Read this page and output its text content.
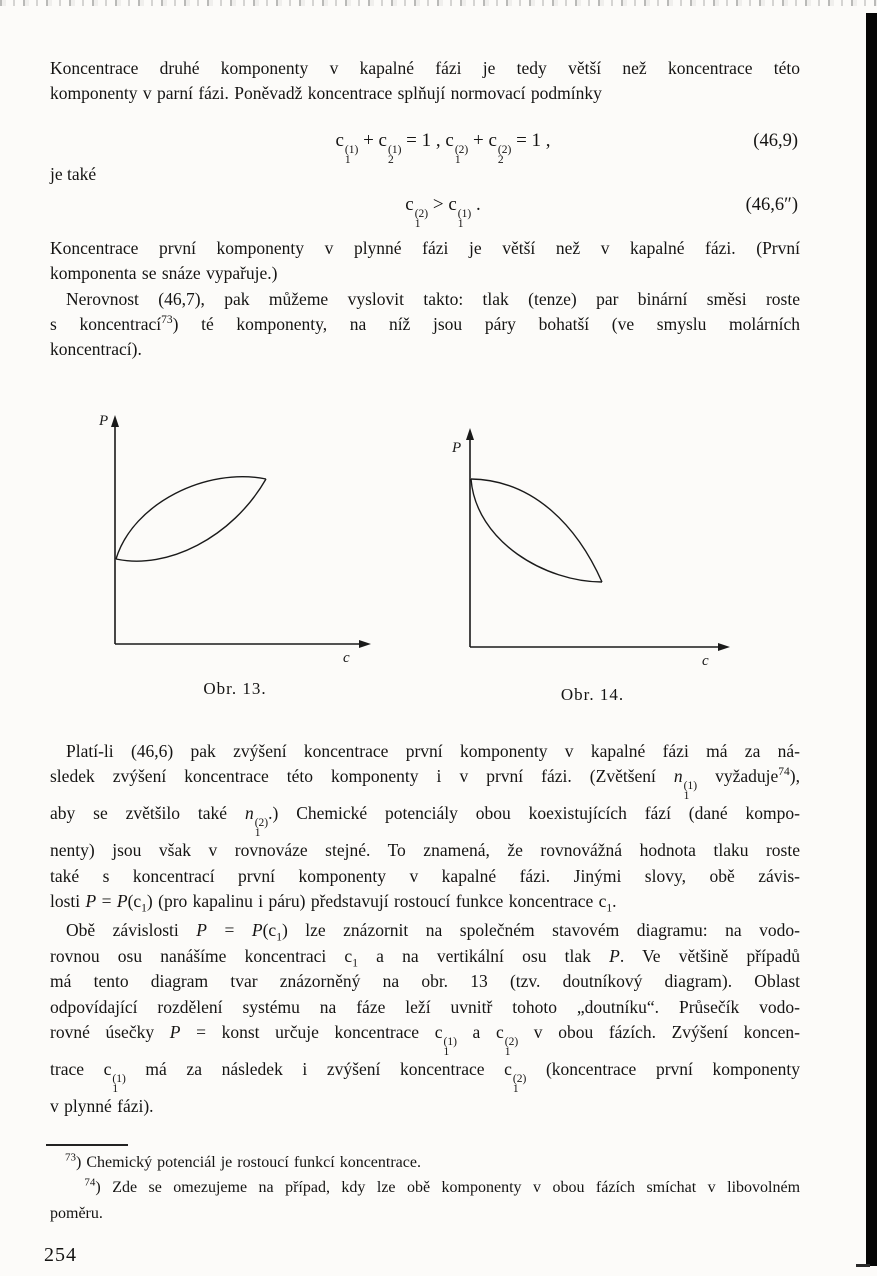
Koncentrace druhé komponenty v kapalné fázi je tedy větší než koncentrace této
komponenty v parní fázi. Poněvadž koncentrace splňují normovací podmínky
c (1)
1
+ c (1)
2
= 1 , c (2)
1
+ c (2)
2
= 1 ,	(46,9)
je také
c (2)
1
> c (1)
1
.	(46,6″)
Koncentrace první komponenty v plynné fázi je větší než v kapalné fázi. (První
komponenta se snáze vypařuje.)
Nerovnost (46,7), pak můžeme vyslovit takto: tlak (tenze) par binární směsi roste
s koncentrací$^{73}$) té komponenty, na níž jsou páry bohatší (ve smyslu molárních
koncentrací).
P
c
P
c
Obr. 13.	Obr. 14.
Platí-li (46,6) pak zvýšení koncentrace první komponenty v kapalné fázi má za ná-
sledek zvýšení koncentrace této komponenty i v první fázi. (Zvětšení n (1)
1
vyžaduje$^{74}$),
aby se zvětšilo také n (2)
1
.) Chemické potenciály obou koexistujících fází (dané kompo-
nenty) jsou však v rovnováze stejné. To znamená, že rovnovážná hodnota tlaku roste
také s koncentrací první komponenty v kapalné fázi. Jinými slovy, obě závis-
losti $P = P(c_1)$ (pro kapalinu i páru) představují rostoucí funkce koncentrace $c_1$.
Obě závislosti $P = P(c_1)$ lze znázornit na společném stavovém diagramu: na vodo-
rovnou osu nanášíme koncentraci $c_1$ a na vertikální osu tlak P. Ve většině případů
má tento diagram tvar znázorněný na obr. 13 (tzv. doutníkový diagram). Oblast
odpovídající rozdělení systému na fáze leží uvnitř tohoto „doutníku“. Průsečík vodo-
rovné úsečky P = konst určuje koncentrace c (1)
1
a c (2)
1
v obou fázích. Zvýšení koncen-
trace c (1)
1
má za následek i zvýšení koncentrace c (2)
1
(koncentrace první komponenty
v plynné fázi).
$^{73}$) Chemický potenciál je rostoucí funkcí koncentrace.
$^{74}$) Zde se omezujeme na případ, kdy lze obě komponenty v obou fázích smíchat v libovolném
poměru.
254
